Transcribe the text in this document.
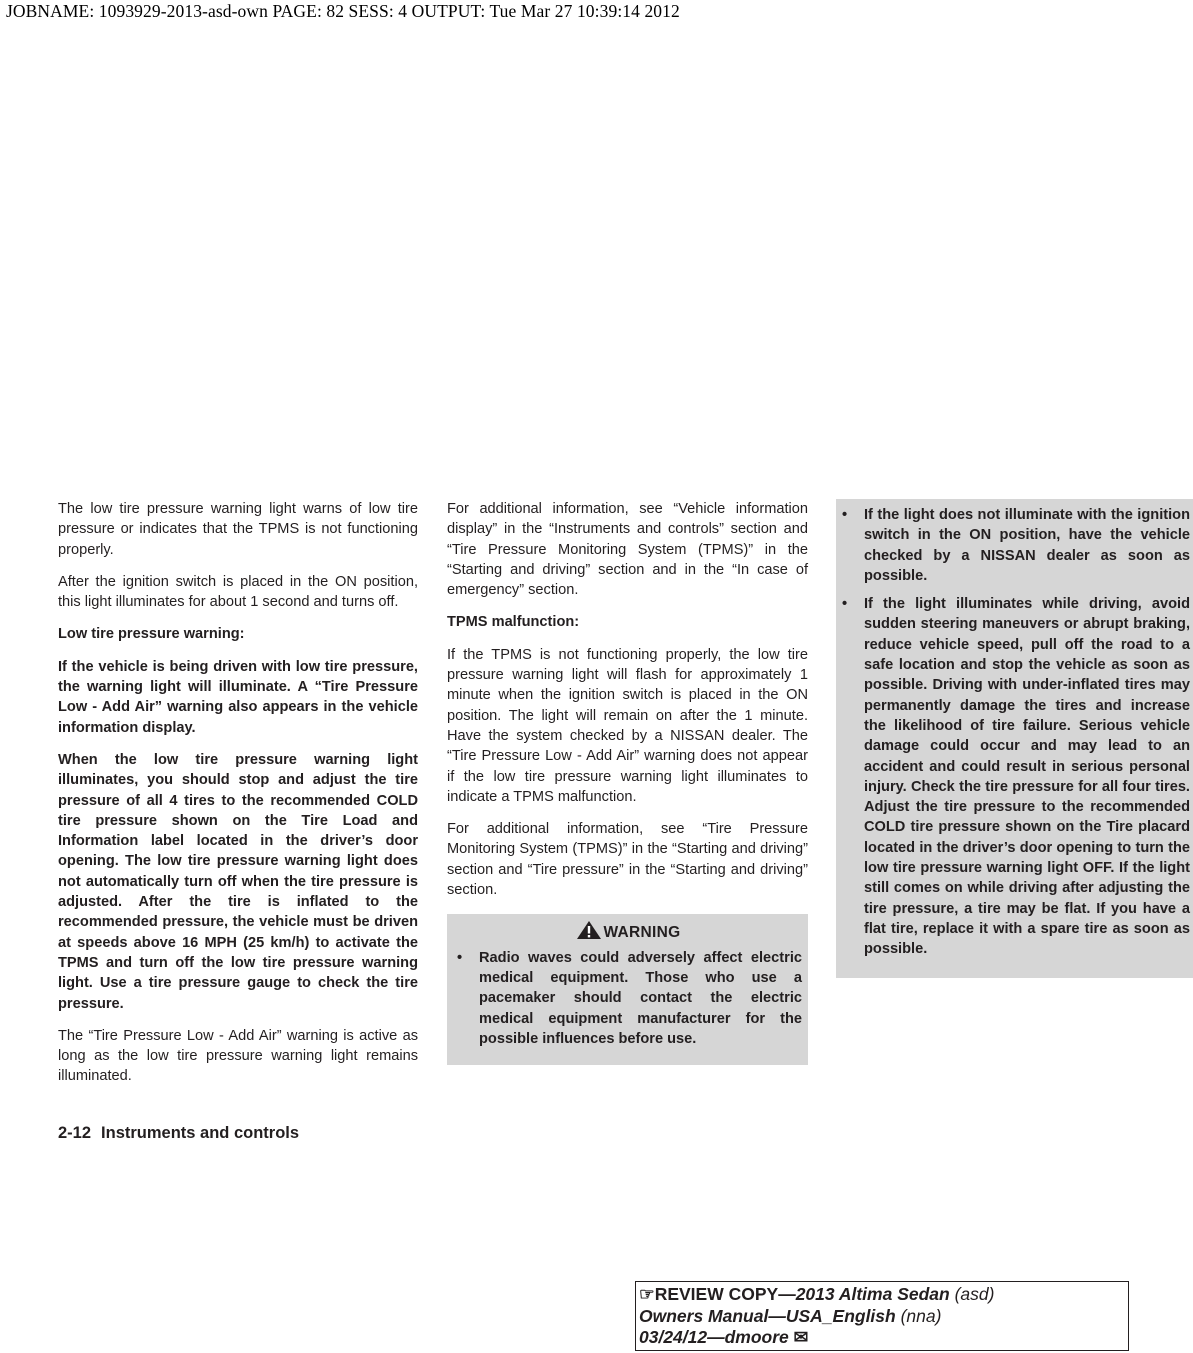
JOBNAME: 1093929-2013-asd-own PAGE: 82 SESS: 4 OUTPUT: Tue Mar 27 10:39:14 2012

The low tire pressure warning light warns of low tire pressure or indicates that the TPMS is not functioning properly.

After the ignition switch is placed in the ON position, this light illuminates for about 1 second and turns off.

Low tire pressure warning:

If the vehicle is being driven with low tire pressure, the warning light will illuminate. A “Tire Pressure Low - Add Air” warning also appears in the vehicle information display.

When the low tire pressure warning light illuminates, you should stop and adjust the tire pressure of all 4 tires to the recommended COLD tire pressure shown on the Tire Load and Information label located in the driver’s door opening. The low tire pressure warning light does not automatically turn off when the tire pressure is adjusted. After the tire is inflated to the recommended pressure, the vehicle must be driven at speeds above 16 MPH (25 km/h) to activate the TPMS and turn off the low tire pressure warning light. Use a tire pressure gauge to check the tire pressure.

The “Tire Pressure Low - Add Air” warning is active as long as the low tire pressure warning light remains illuminated.

For additional information, see “Vehicle information display” in the “Instruments and controls” section and “Tire Pressure Monitoring System (TPMS)” in the “Starting and driving” section and in the “In case of emergency” section.

TPMS malfunction:

If the TPMS is not functioning properly, the low tire pressure warning light will flash for approximately 1 minute when the ignition switch is placed in the ON position. The light will remain on after the 1 minute. Have the system checked by a NISSAN dealer. The “Tire Pressure Low - Add Air” warning does not appear if the low tire pressure warning light illuminates to indicate a TPMS malfunction.

For additional information, see “Tire Pressure Monitoring System (TPMS)” in the “Starting and driving” section and “Tire pressure” in the “Starting and driving” section.

WARNING
• Radio waves could adversely affect electric medical equipment. Those who use a pacemaker should contact the electric medical equipment manufacturer for the possible influences before use.
• If the light does not illuminate with the ignition switch in the ON position, have the vehicle checked by a NISSAN dealer as soon as possible.
• If the light illuminates while driving, avoid sudden steering maneuvers or abrupt braking, reduce vehicle speed, pull off the road to a safe location and stop the vehicle as soon as possible. Driving with under-inflated tires may permanently damage the tires and increase the likelihood of tire failure. Serious vehicle damage could occur and may lead to an accident and could result in serious personal injury. Check the tire pressure for all four tires. Adjust the tire pressure to the recommended COLD tire pressure shown on the Tire placard located in the driver’s door opening to turn the low tire pressure warning light OFF. If the light still comes on while driving after adjusting the tire pressure, a tire may be flat. If you have a flat tire, replace it with a spare tire as soon as possible.
2-12 Instruments and controls
☞REVIEW COPY—2013 Altima Sedan (asd)
Owners Manual—USA_English (nna)
03/24/12—dmoore ✉
